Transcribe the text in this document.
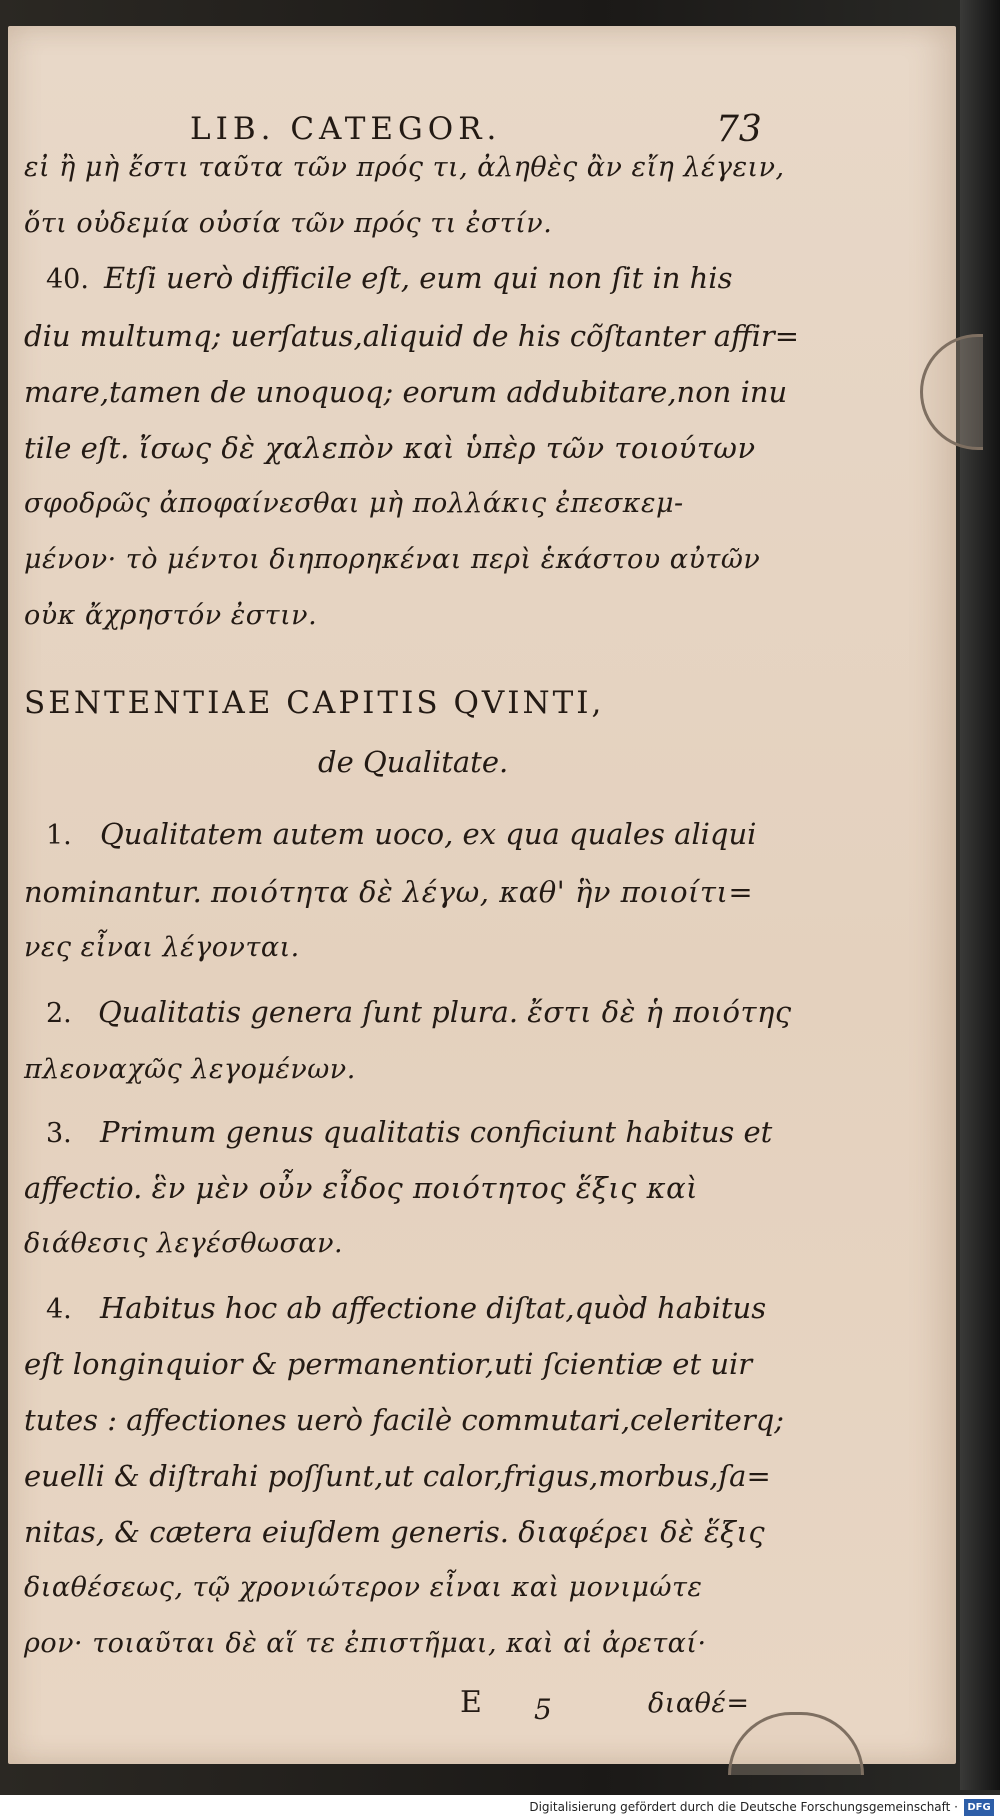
LIB. CATEGOR.	73
εἰ ἢ μὴ ἔστι ταῦτα τῶν πρός τι, ἀληθὲς ἂν εἴη λέγειν,
ὅτι οὐδεμία οὐσία τῶν πρός τι ἐστίν.
40. Etſi uerò difficile eſt, eum qui non ſit in his
diu multumq; uerſatus,aliquid de his cõſtanter affir=
mare,tamen de unoquoq; eorum addubitare,non inu
tile eſt. ἴσως δὲ χαλεπὸν καὶ ὑπὲρ τῶν τοιούτων
σφοδρῶς ἀποφαίνεσθαι μὴ πολλάκις ἐπεσκεμ-
μένον· τὸ μέντοι διηπορηκέναι περὶ ἑκάστου αὐτῶν
οὐκ ἄχρηστόν ἐστιν.
SENTENTIAE CAPITIS QVINTI,
de Qualitate.
1. Qualitatem autem uoco, ex qua quales aliqui
nominantur. ποιότητα δὲ λέγω, καθ' ἣν ποιοίτι=
νες εἶναι λέγονται.
2. Qualitatis genera ſunt plura. ἔστι δὲ ἡ ποιότης
πλεοναχῶς λεγομένων.
3. Primum genus qualitatis conficiunt habitus et
affectio. ἓν μὲν οὖν εἶδος ποιότητος ἕξις καὶ
διάθεσις λεγέσθωσαν.
4. Habitus hoc ab affectione diſtat,quòd habitus
eſt longinquior & permanentior,uti ſcientiæ et uir
tutes : affectiones uerò facilè commutari,celeriterq;
euelli & diſtrahi poſſunt,ut calor,frigus,morbus,ſa=
nitas, & cætera eiuſdem generis. διαφέρει δὲ ἕξις
διαθέσεως, τῷ χρονιώτερον εἶναι καὶ μονιμώτε
ρον· τοιαῦται δὲ αἵ τε ἐπιστῆμαι, καὶ αἱ ἀρεταί·
E 5	διαθέ=
Digitalisierung gefördert durch die Deutsche Forschungsgemeinschaft · DFG
